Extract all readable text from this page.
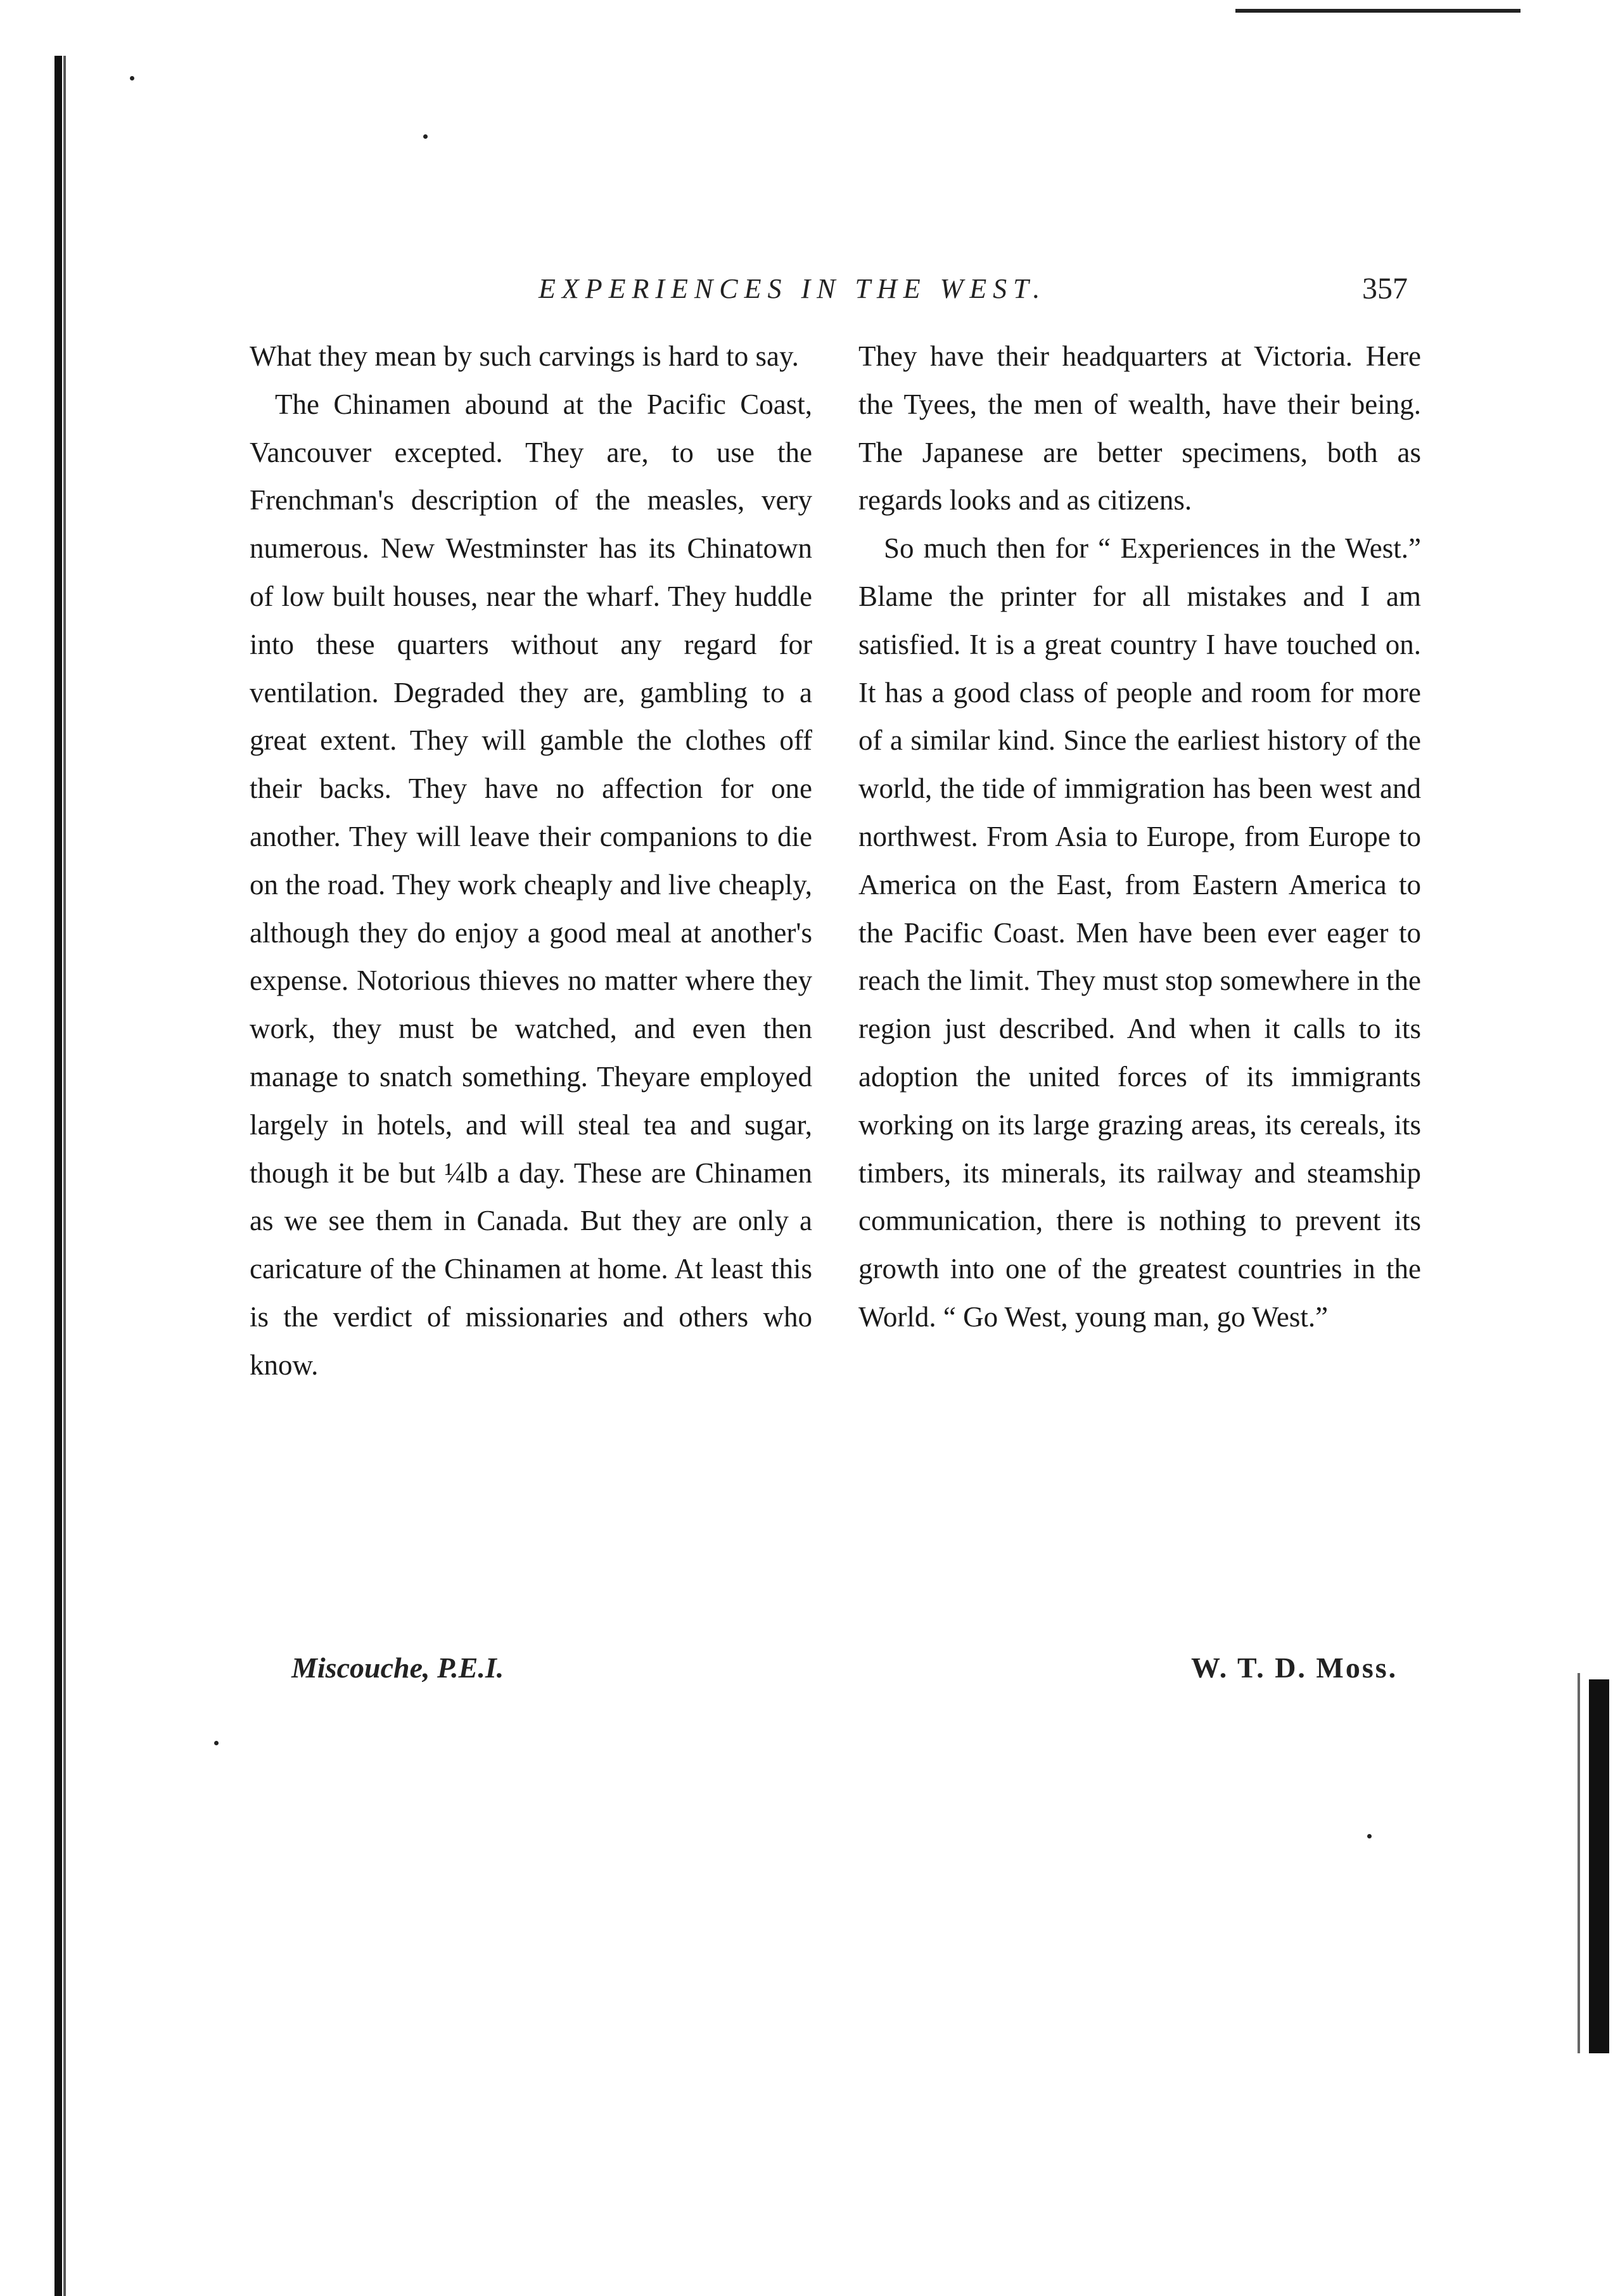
EXPERIENCES IN THE WEST.	357

What they mean by such carvings is hard to say.

The Chinamen abound at the Pacific Coast, Vancouver excepted. They are, to use the Frenchman's description of the measles, very numerous. New Westminster has its Chinatown of low built houses, near the wharf. They huddle into these quarters without any regard for ventilation. Degraded they are, gambling to a great extent. They will gamble the clothes off their backs. They have no affection for one another. They will leave their companions to die on the road. They work cheaply and live cheaply, although they do enjoy a good meal at another's expense. Notorious thieves no matter where they work, they must be watched, and even then manage to snatch something. Theyare employed largely in hotels, and will steal tea and sugar, though it be but ¼lb a day. These are Chinamen as we see them in Canada. But they are only a caricature of the Chinamen at home. At least this is the verdict of missionaries and others who know.

They have their headquarters at Victoria. Here the Tyees, the men of wealth, have their being. The Japanese are better specimens, both as regards looks and as citizens.

So much then for “ Experiences in the West.” Blame the printer for all mistakes and I am satisfied. It is a great country I have touched on. It has a good class of people and room for more of a similar kind. Since the earliest history of the world, the tide of immigration has been west and northwest. From Asia to Europe, from Europe to America on the East, from Eastern America to the Pacific Coast. Men have been ever eager to reach the limit. They must stop somewhere in the region just described. And when it calls to its adoption the united forces of its immigrants working on its large grazing areas, its cereals, its timbers, its minerals, its railway and steamship communication, there is nothing to prevent its growth into one of the greatest countries in the World. “ Go West, young man, go West.”

Miscouche, P.E.I.	W. T. D. Moss.
